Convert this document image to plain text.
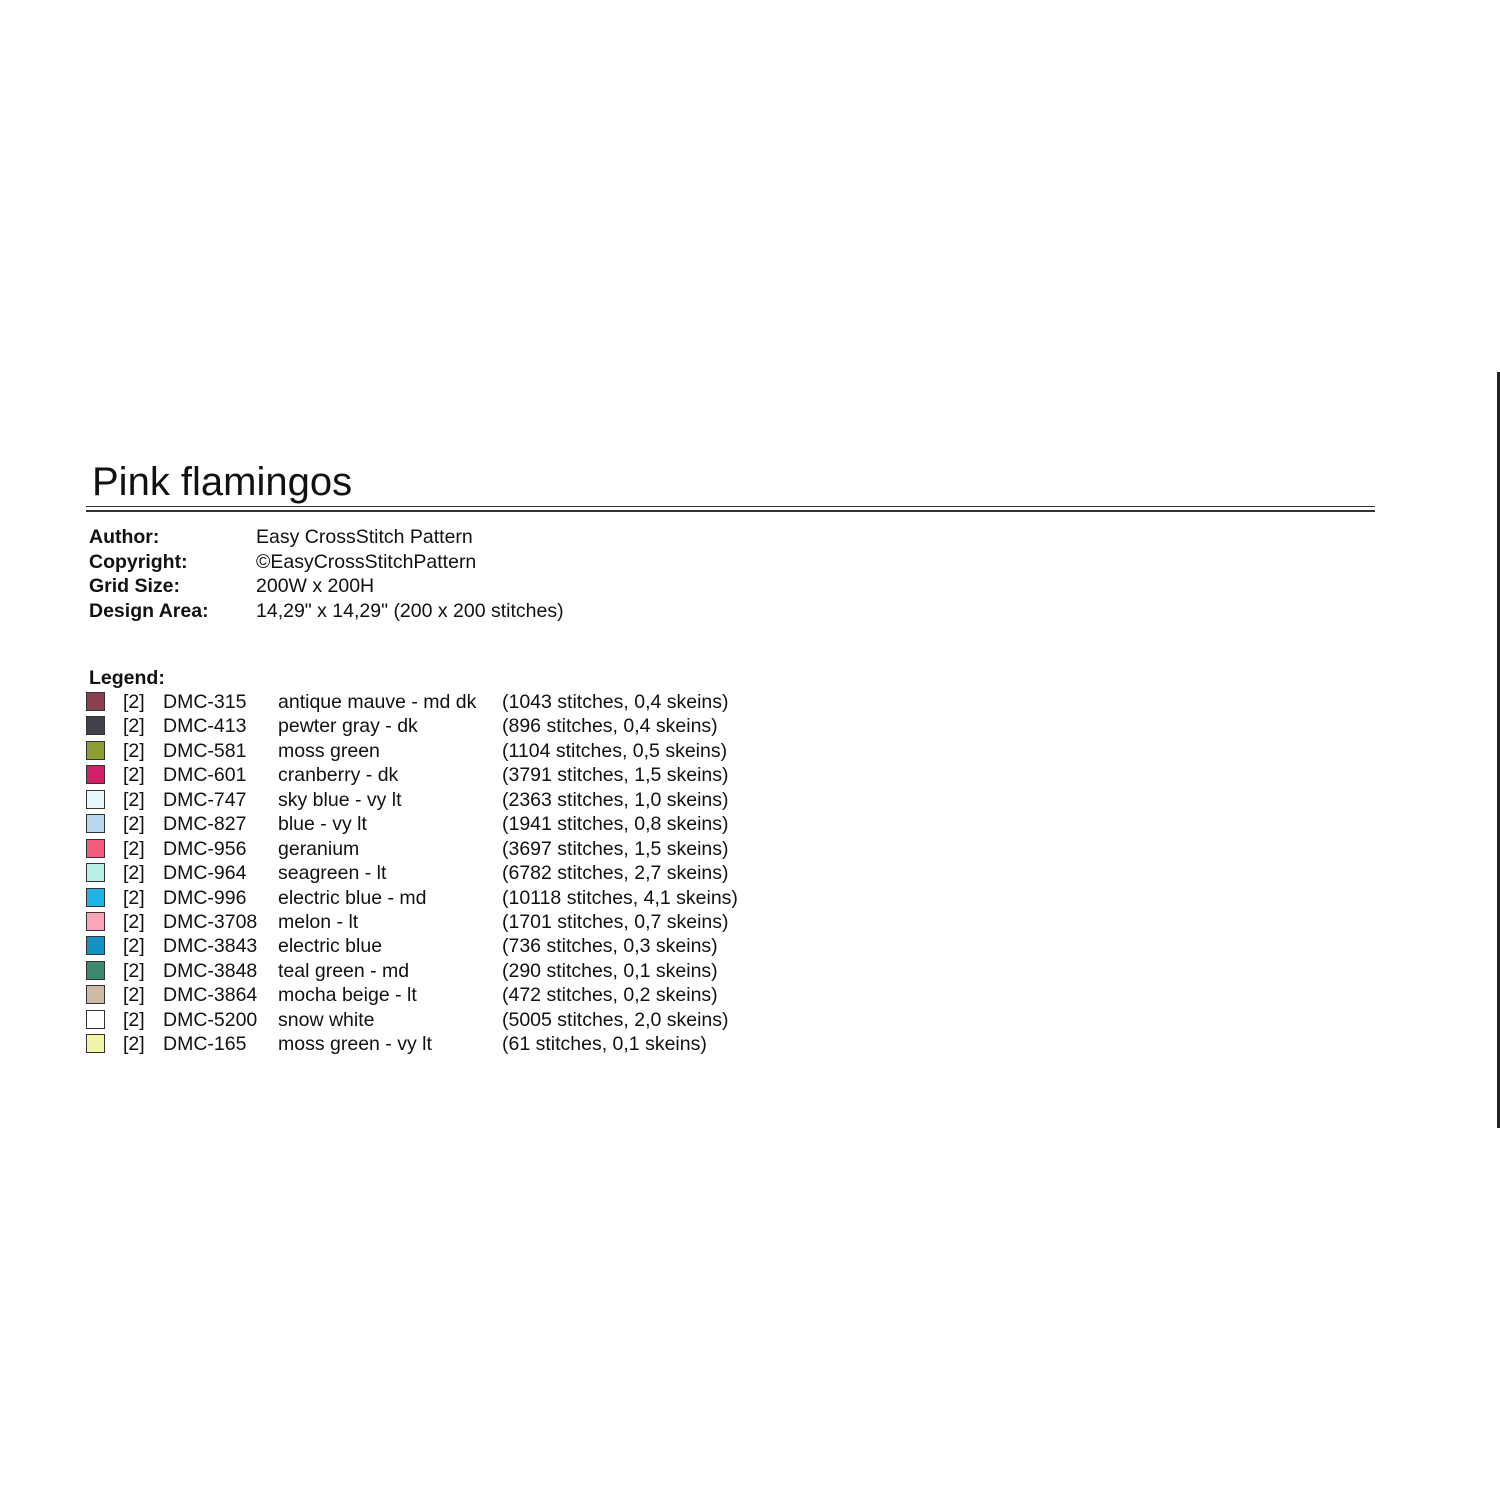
Pink flamingos
Author:	Easy CrossStitch Pattern
Copyright:	©EasyCrossStitchPattern
Grid Size:	200W x 200H
Design Area: 14,29" x 14,29" (200 x 200 stitches)
Legend:
[2] DMC-315 antique mauve - md dk (1043 stitches, 0,4 skeins)
[2] DMC-413 pewter gray - dk	(896 stitches, 0,4 skeins)
[2] DMC-581 moss green	(1104 stitches, 0,5 skeins)
[2] DMC-601 cranberry - dk	(3791 stitches, 1,5 skeins)
[2] DMC-747 sky blue - vy lt	(2363 stitches, 1,0 skeins)
[2] DMC-827 blue - vy lt	(1941 stitches, 0,8 skeins)
[2] DMC-956 geranium	(3697 stitches, 1,5 skeins)
[2] DMC-964 seagreen - lt	(6782 stitches, 2,7 skeins)
[2] DMC-996 electric blue - md	(10118 stitches, 4,1 skeins)
[2] DMC-3708 melon - lt	(1701 stitches, 0,7 skeins)
[2] DMC-3843 electric blue	(736 stitches, 0,3 skeins)
[2] DMC-3848 teal green - md	(290 stitches, 0,1 skeins)
[2] DMC-3864 mocha beige - lt	(472 stitches, 0,2 skeins)
[2] DMC-5200 snow white	(5005 stitches, 2,0 skeins)
[2] DMC-165 moss green - vy lt	(61 stitches, 0,1 skeins)
